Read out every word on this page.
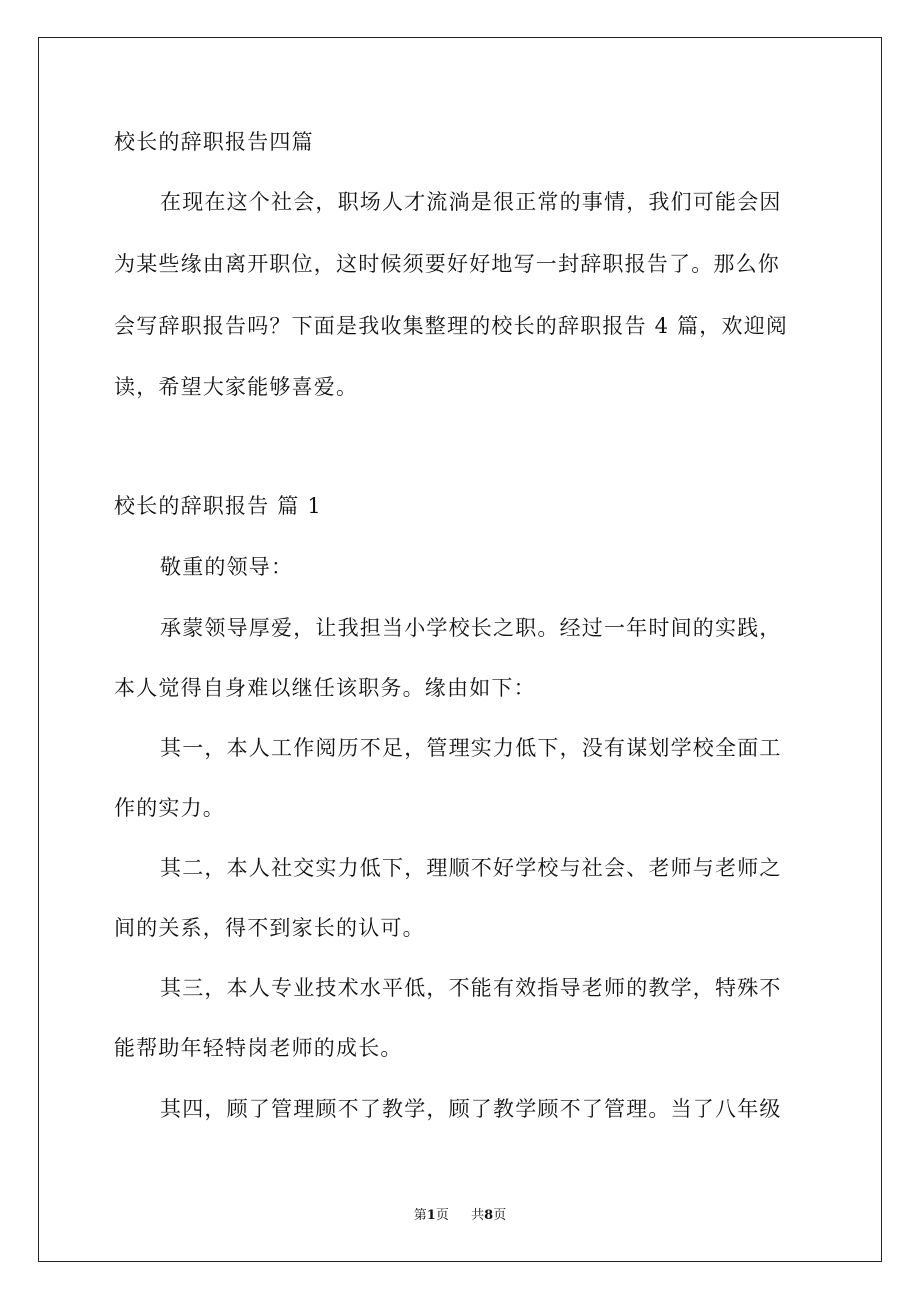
校长的辞职报告四篇
在现在这个社会，职场人才流淌是很正常的事情，我们可能会因
为某些缘由离开职位，这时候须要好好地写一封辞职报告了。那么你
会写辞职报告吗？下面是我收集整理的校长的辞职报告 4 篇，欢迎阅
读，希望大家能够喜爱。
校长的辞职报告 篇 1
敬重的领导：
承蒙领导厚爱，让我担当小学校长之职。经过一年时间的实践，
本人觉得自身难以继任该职务。缘由如下：
其一，本人工作阅历不足，管理实力低下，没有谋划学校全面工
作的实力。
其二，本人社交实力低下，理顺不好学校与社会、老师与老师之
间的关系，得不到家长的认可。
其三，本人专业技术水平低，不能有效指导老师的教学，特殊不
能帮助年轻特岗老师的成长。
其四，顾了管理顾不了教学，顾了教学顾不了管理。当了八年级
第1页 共8页
